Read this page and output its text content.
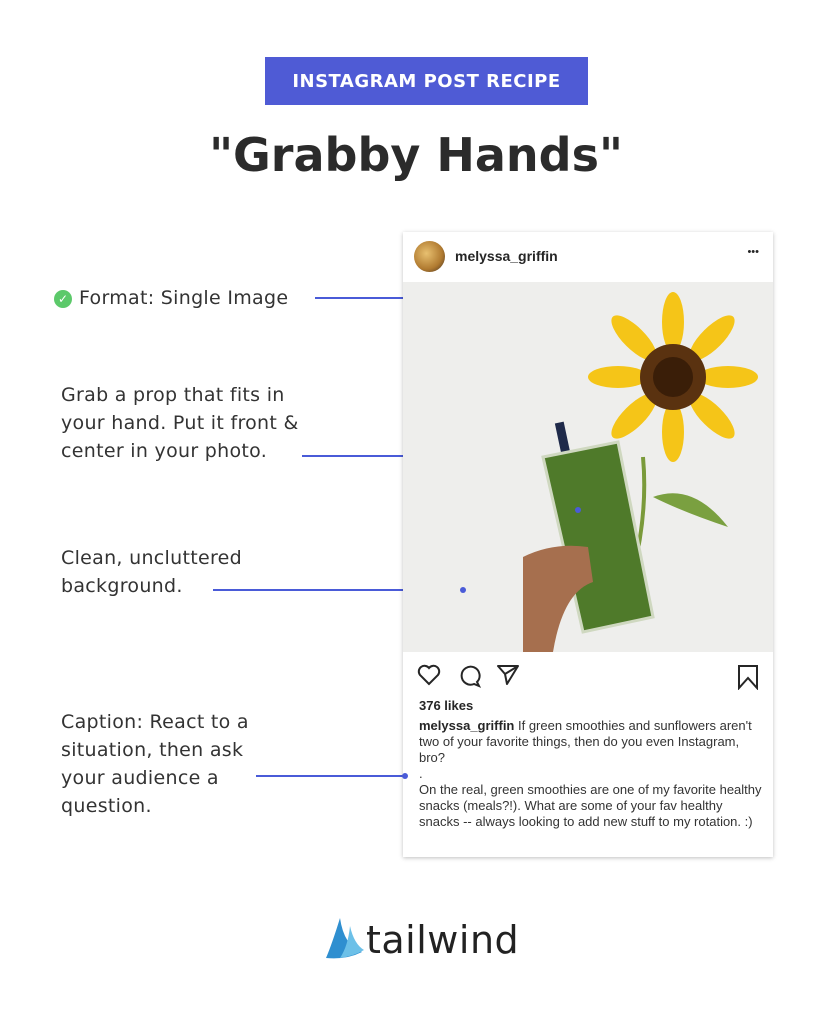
INSTAGRAM POST RECIPE
"Grabby Hands"
✓ Format: Single Image
Grab a prop that fits in your hand. Put it front & center in your photo.
Clean, uncluttered background.
Caption: React to a situation, then ask your audience a question.
melyssa_griffin	•••
376 likes
melyssa_griffin If green smoothies and sunflowers aren't two of your favorite things, then do you even Instagram, bro?
.
On the real, green smoothies are one of my favorite healthy snacks (meals?!). What are some of your fav healthy snacks -- always looking to add new stuff to my rotation. :)
tailwind
